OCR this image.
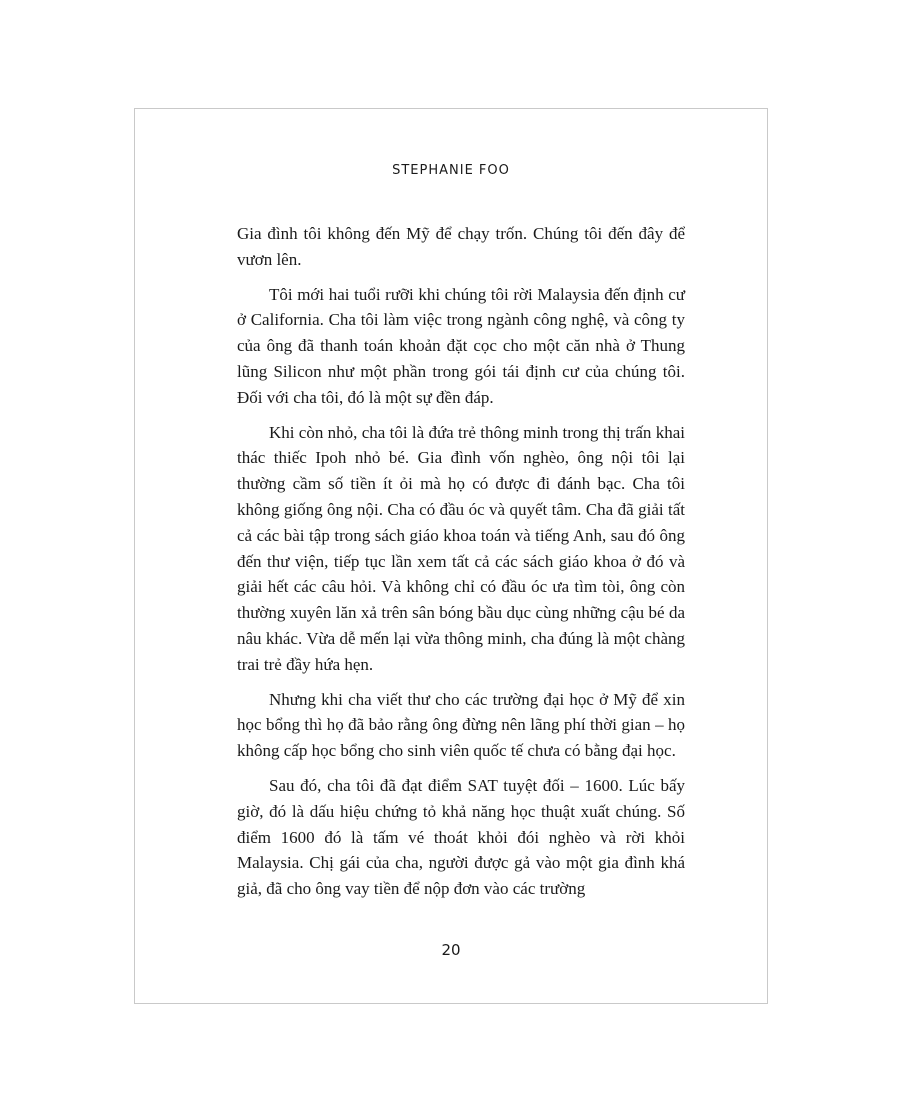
STEPHANIE FOO

Gia đình tôi không đến Mỹ để chạy trốn. Chúng tôi đến đây để vươn lên.

Tôi mới hai tuổi rưỡi khi chúng tôi rời Malaysia đến định cư ở California. Cha tôi làm việc trong ngành công nghệ, và công ty của ông đã thanh toán khoản đặt cọc cho một căn nhà ở Thung lũng Silicon như một phần trong gói tái định cư của chúng tôi. Đối với cha tôi, đó là một sự đền đáp.

Khi còn nhỏ, cha tôi là đứa trẻ thông minh trong thị trấn khai thác thiếc Ipoh nhỏ bé. Gia đình vốn nghèo, ông nội tôi lại thường cầm số tiền ít ỏi mà họ có được đi đánh bạc. Cha tôi không giống ông nội. Cha có đầu óc và quyết tâm. Cha đã giải tất cả các bài tập trong sách giáo khoa toán và tiếng Anh, sau đó ông đến thư viện, tiếp tục lần xem tất cả các sách giáo khoa ở đó và giải hết các câu hỏi. Và không chỉ có đầu óc ưa tìm tòi, ông còn thường xuyên lăn xả trên sân bóng bầu dục cùng những cậu bé da nâu khác. Vừa dễ mến lại vừa thông minh, cha đúng là một chàng trai trẻ đầy hứa hẹn.

Nhưng khi cha viết thư cho các trường đại học ở Mỹ để xin học bổng thì họ đã bảo rằng ông đừng nên lãng phí thời gian – họ không cấp học bổng cho sinh viên quốc tế chưa có bằng đại học.

Sau đó, cha tôi đã đạt điểm SAT tuyệt đối – 1600. Lúc bấy giờ, đó là dấu hiệu chứng tỏ khả năng học thuật xuất chúng. Số điểm 1600 đó là tấm vé thoát khỏi đói nghèo và rời khỏi Malaysia. Chị gái của cha, người được gả vào một gia đình khá giả, đã cho ông vay tiền để nộp đơn vào các trường

20
